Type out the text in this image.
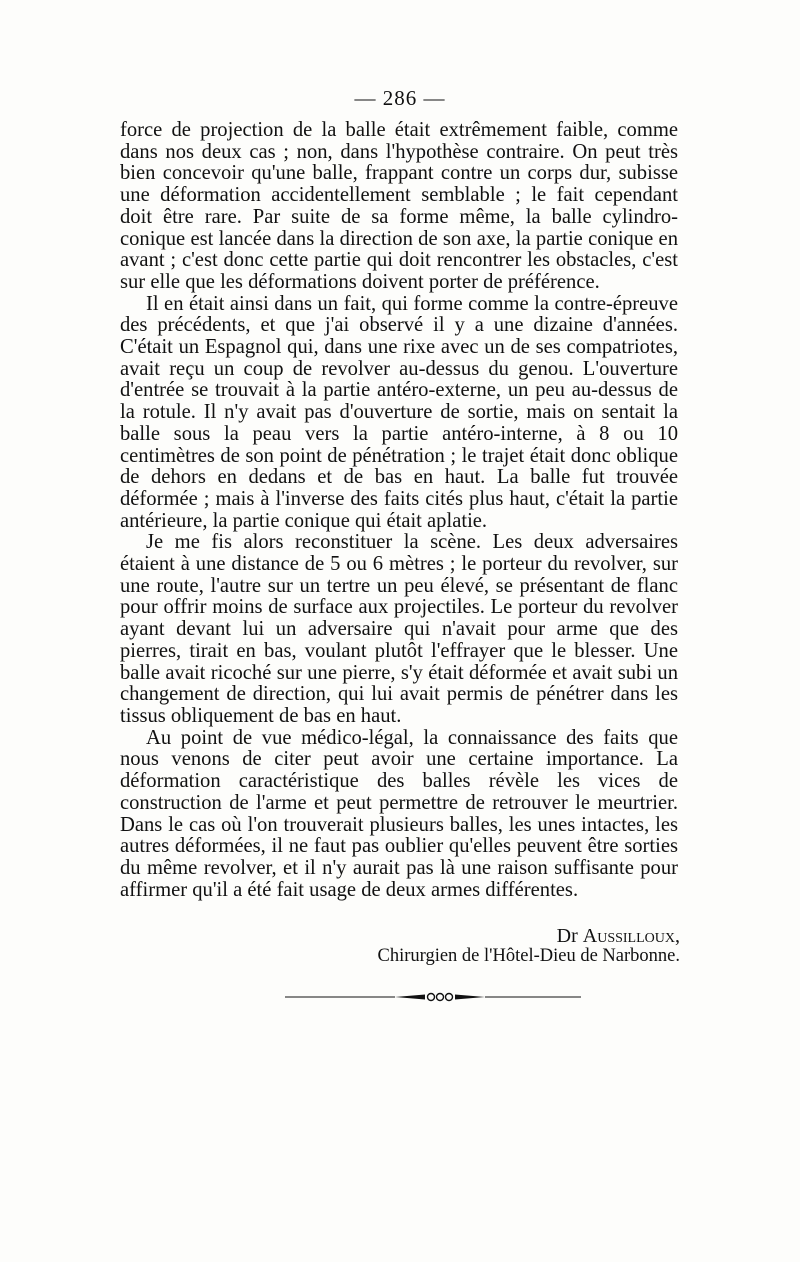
— 286 —

force de projection de la balle était extrêmement faible, comme dans nos deux cas ; non, dans l'hypothèse contraire. On peut très bien concevoir qu'une balle, frappant contre un corps dur, subisse une déformation accidentellement semblable ; le fait cependant doit être rare. Par suite de sa forme même, la balle cylindro-conique est lancée dans la direction de son axe, la partie conique en avant ; c'est donc cette partie qui doit rencontrer les obstacles, c'est sur elle que les déformations doivent porter de préférence.

Il en était ainsi dans un fait, qui forme comme la contre-épreuve des précédents, et que j'ai observé il y a une dizaine d'années. C'était un Espagnol qui, dans une rixe avec un de ses compatriotes, avait reçu un coup de revolver au-dessus du genou. L'ouverture d'entrée se trouvait à la partie antéro-externe, un peu au-dessus de la rotule. Il n'y avait pas d'ouverture de sortie, mais on sentait la balle sous la peau vers la partie antéro-interne, à 8 ou 10 centimètres de son point de pénétration ; le trajet était donc oblique de dehors en dedans et de bas en haut. La balle fut trouvée déformée ; mais à l'inverse des faits cités plus haut, c'était la partie antérieure, la partie conique qui était aplatie.

Je me fis alors reconstituer la scène. Les deux adversaires étaient à une distance de 5 ou 6 mètres ; le porteur du revolver, sur une route, l'autre sur un tertre un peu élevé, se présentant de flanc pour offrir moins de surface aux projectiles. Le porteur du revolver ayant devant lui un adversaire qui n'avait pour arme que des pierres, tirait en bas, voulant plutôt l'effrayer que le blesser. Une balle avait ricoché sur une pierre, s'y était déformée et avait subi un changement de direction, qui lui avait permis de pénétrer dans les tissus obliquement de bas en haut.

Au point de vue médico-légal, la connaissance des faits que nous venons de citer peut avoir une certaine importance. La déformation caractéristique des balles révèle les vices de construction de l'arme et peut permettre de retrouver le meurtrier. Dans le cas où l'on trouverait plusieurs balles, les unes intactes, les autres déformées, il ne faut pas oublier qu'elles peuvent être sorties du même revolver, et il n'y aurait pas là une raison suffisante pour affirmer qu'il a été fait usage de deux armes différentes.

Dr Aussilloux,
Chirurgien de l'Hôtel-Dieu de Narbonne.
